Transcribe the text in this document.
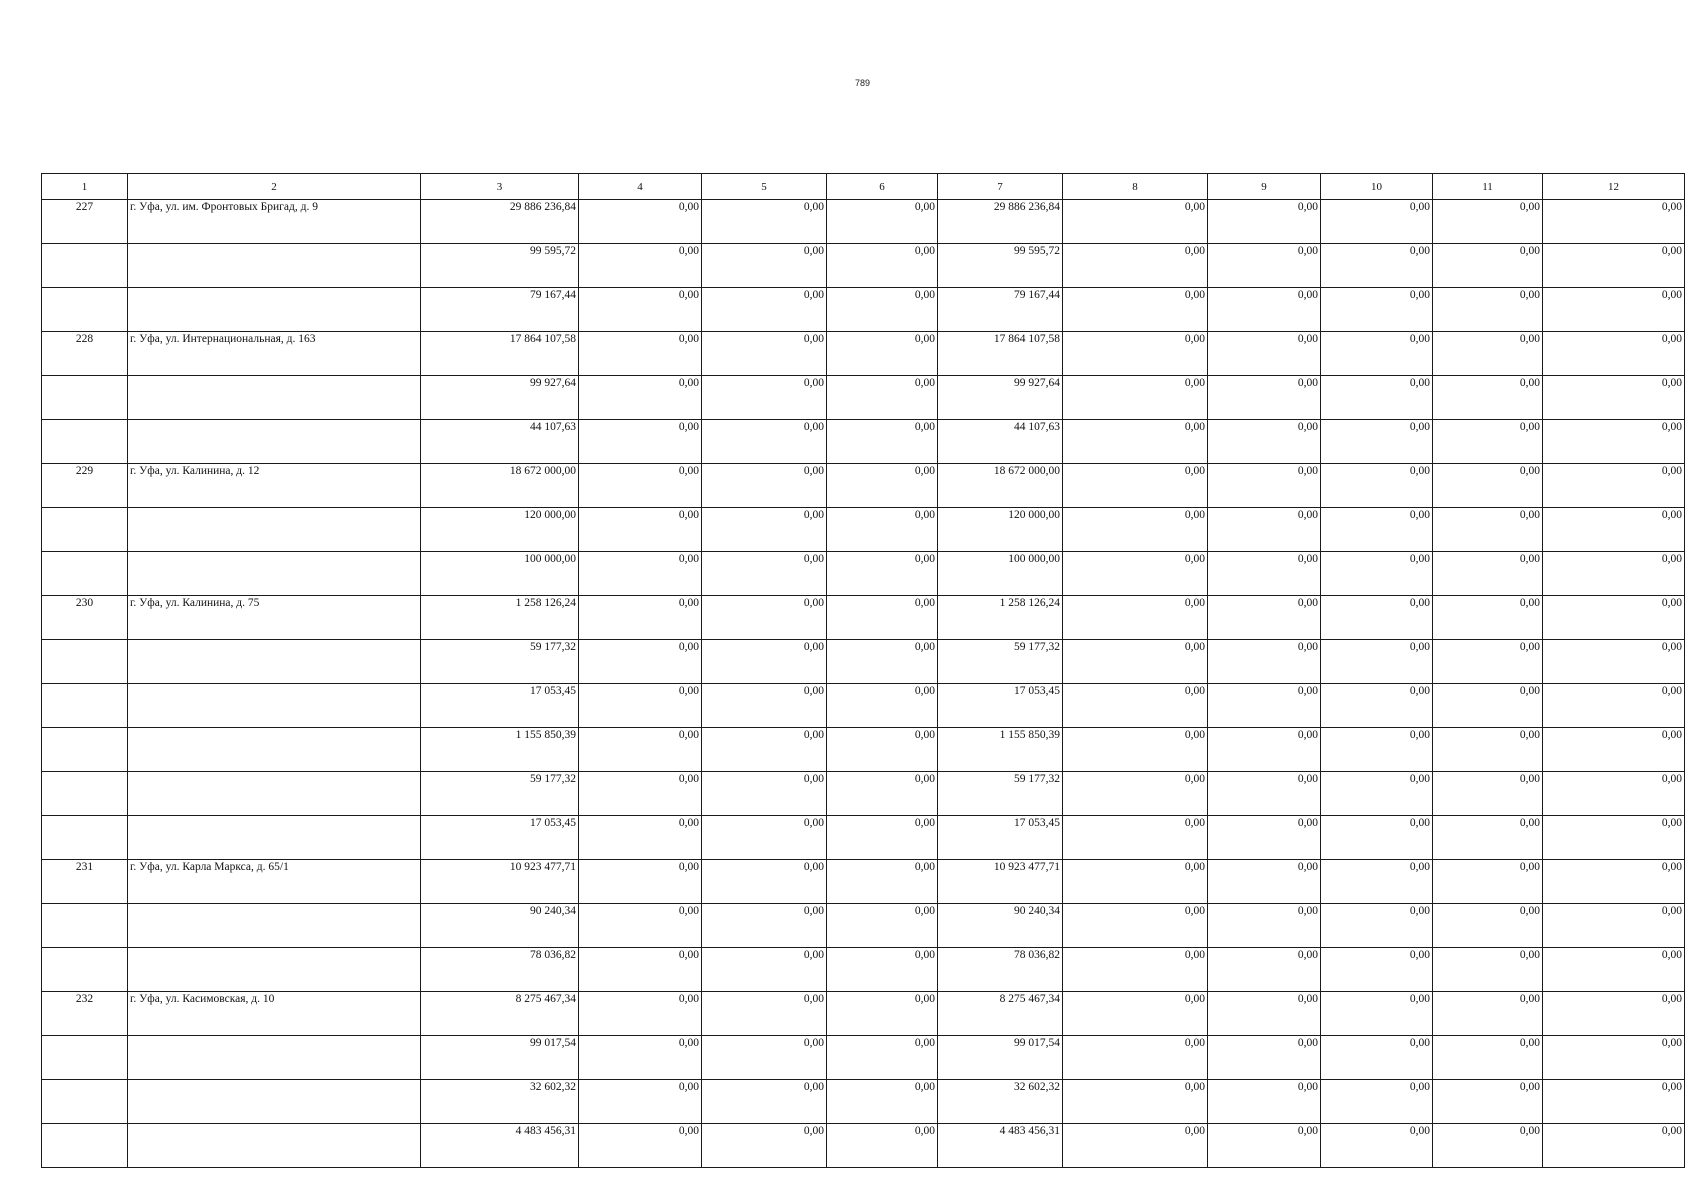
789
1	2	3	4	5	6	7	8	9	10	11	12
227	г. Уфа, ул. им. Фронтовых Бригад, д. 9	29 886 236,84	0,00	0,00	0,00	29 886 236,84	0,00	0,00	0,00	0,00	0,00
		99 595,72	0,00	0,00	0,00	99 595,72	0,00	0,00	0,00	0,00	0,00
		79 167,44	0,00	0,00	0,00	79 167,44	0,00	0,00	0,00	0,00	0,00
228	г. Уфа, ул. Интернациональная, д. 163	17 864 107,58	0,00	0,00	0,00	17 864 107,58	0,00	0,00	0,00	0,00	0,00
		99 927,64	0,00	0,00	0,00	99 927,64	0,00	0,00	0,00	0,00	0,00
		44 107,63	0,00	0,00	0,00	44 107,63	0,00	0,00	0,00	0,00	0,00
229	г. Уфа, ул. Калинина, д. 12	18 672 000,00	0,00	0,00	0,00	18 672 000,00	0,00	0,00	0,00	0,00	0,00
		120 000,00	0,00	0,00	0,00	120 000,00	0,00	0,00	0,00	0,00	0,00
		100 000,00	0,00	0,00	0,00	100 000,00	0,00	0,00	0,00	0,00	0,00
230	г. Уфа, ул. Калинина, д. 75	1 258 126,24	0,00	0,00	0,00	1 258 126,24	0,00	0,00	0,00	0,00	0,00
		59 177,32	0,00	0,00	0,00	59 177,32	0,00	0,00	0,00	0,00	0,00
		17 053,45	0,00	0,00	0,00	17 053,45	0,00	0,00	0,00	0,00	0,00
		1 155 850,39	0,00	0,00	0,00	1 155 850,39	0,00	0,00	0,00	0,00	0,00
		59 177,32	0,00	0,00	0,00	59 177,32	0,00	0,00	0,00	0,00	0,00
		17 053,45	0,00	0,00	0,00	17 053,45	0,00	0,00	0,00	0,00	0,00
231	г. Уфа, ул. Карла Маркса, д. 65/1	10 923 477,71	0,00	0,00	0,00	10 923 477,71	0,00	0,00	0,00	0,00	0,00
		90 240,34	0,00	0,00	0,00	90 240,34	0,00	0,00	0,00	0,00	0,00
		78 036,82	0,00	0,00	0,00	78 036,82	0,00	0,00	0,00	0,00	0,00
232	г. Уфа, ул. Касимовская, д. 10	8 275 467,34	0,00	0,00	0,00	8 275 467,34	0,00	0,00	0,00	0,00	0,00
		99 017,54	0,00	0,00	0,00	99 017,54	0,00	0,00	0,00	0,00	0,00
		32 602,32	0,00	0,00	0,00	32 602,32	0,00	0,00	0,00	0,00	0,00
		4 483 456,31	0,00	0,00	0,00	4 483 456,31	0,00	0,00	0,00	0,00	0,00
